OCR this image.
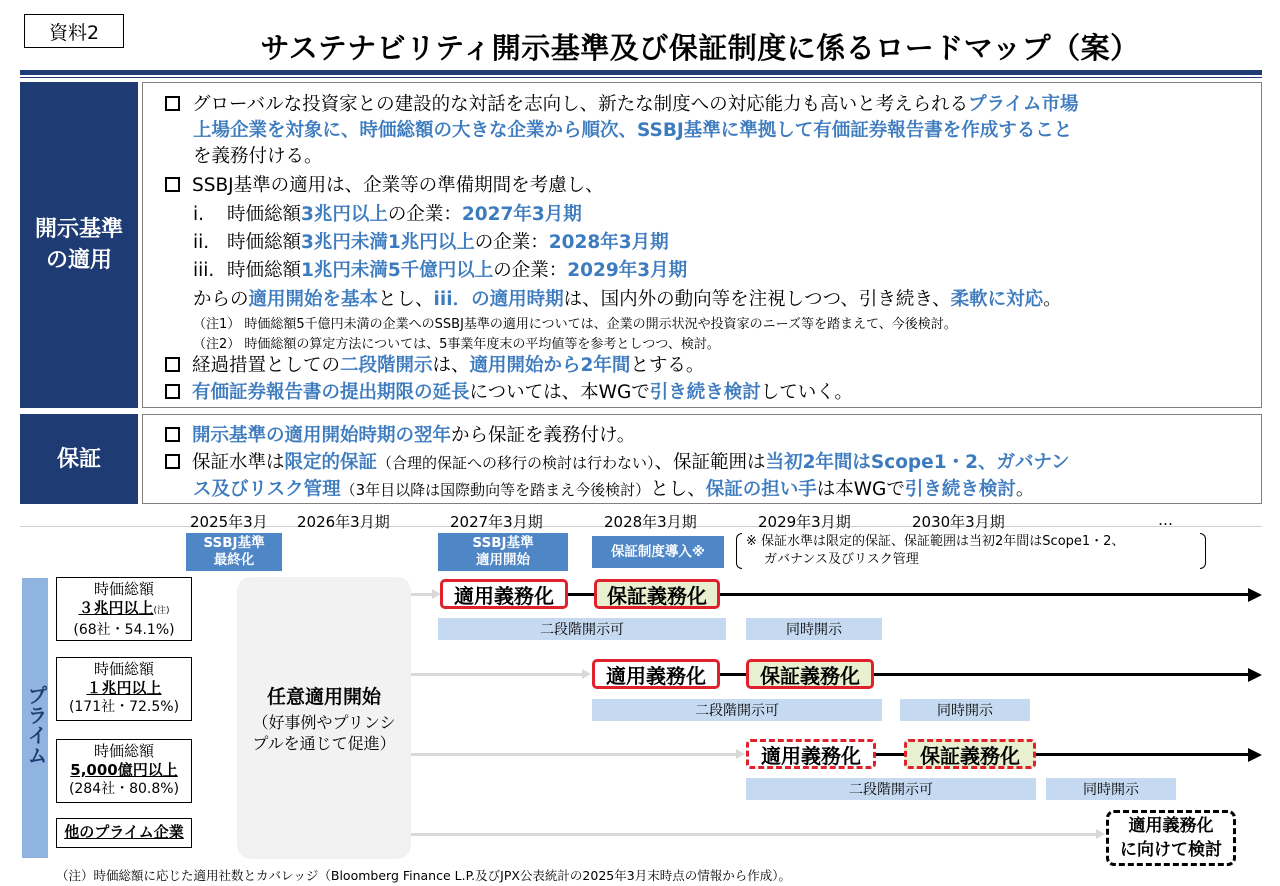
資料2	サステナビリティ開示基準及び保証制度に係るロードマップ（案）
開示基準
の適用
グローバルな投資家との建設的な対話を志向し、新たな制度への対応能力も高いと考えられるプライム市場
上場企業を対象に、時価総額の大きな企業から順次、SSBJ基準に準拠して有価証券報告書を作成すること
を義務付ける。
SSBJ基準の適用は、企業等の準備期間を考慮し、
i. 時価総額3兆円以上の企業：2027年3月期
ii. 時価総額3兆円未満1兆円以上の企業：2028年3月期
iii. 時価総額1兆円未満5千億円以上の企業：2029年3月期
からの適用開始を基本とし、iii．の適用時期は、国内外の動向等を注視しつつ、引き続き、柔軟に対応。
（注1） 時価総額5千億円未満の企業へのSSBJ基準の適用については、企業の開示状況や投資家のニーズ等を踏まえて、今後検討。
（注2） 時価総額の算定方法については、5事業年度末の平均値等を参考としつつ、検討。
経過措置としての二段階開示は、適用開始から2年間とする。
有価証券報告書の提出期限の延長については、本WGで引き続き検討していく。
保証
開示基準の適用開始時期の翌年から保証を義務付け。
保証水準は限定的保証（合理的保証への移行の検討は行わない）、保証範囲は当初2年間はScope1・2、ガバナン
ス及びリスク管理（3年目以降は国際動向等を踏まえ今後検討）とし、保証の担い手は本WGで引き続き検討。
2025年3月 2026年3月期	2027年3月期	2028年3月期	2029年3月期	2030年3月期	…
SSBJ基準
最終化
SSBJ基準
適用開始
保証制度導入※
※ 保証水準は限定的保証、保証範囲は当初2年間はScope1・2、
ガバナンス及びリスク管理
プライム
時価総額
３兆円以上(注)
(68社・54.1%)
時価総額
１兆円以上
(171社・72.5%)
時価総額
5,000億円以上
(284社・80.8%)
他のプライム企業
任意適用開始
（好事例やプリンシ
プルを通じて促進）
適用義務化	保証義務化
二段階開示可	同時開示
適用義務化	保証義務化
二段階開示可	同時開示
適用義務化	保証義務化
二段階開示可	同時開示
適用義務化
に向けて検討
（注）時価総額に応じた適用社数とカバレッジ（Bloomberg Finance L.P.及びJPX公表統計の2025年3月末時点の情報から作成）。
